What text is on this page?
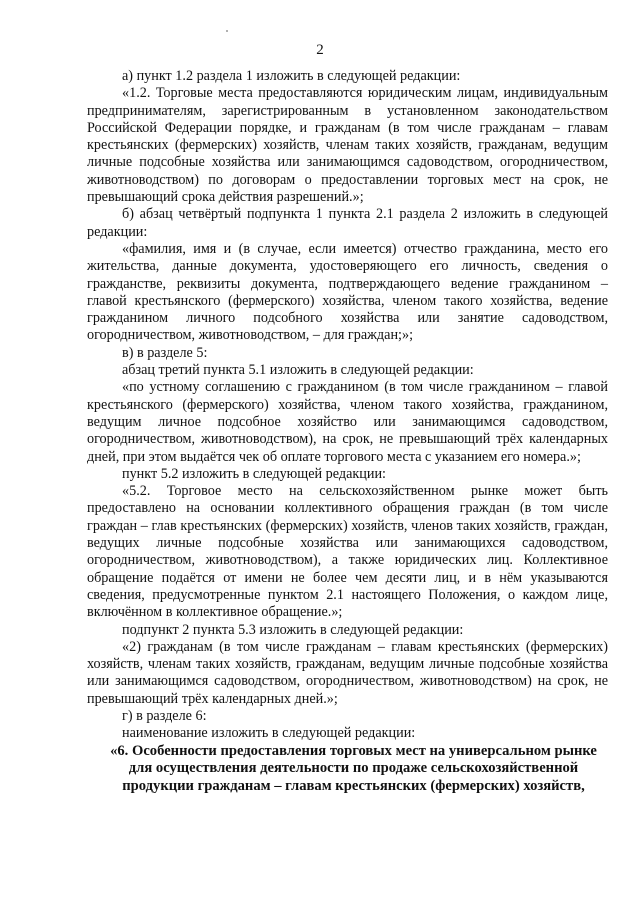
2

а) пункт 1.2 раздела 1 изложить в следующей редакции:

«1.2. Торговые места предоставляются юридическим лицам, индивидуальным предпринимателям, зарегистрированным в установленном законодательством Российской Федерации порядке, и гражданам (в том числе гражданам – главам крестьянских (фермерских) хозяйств, членам таких хозяйств, гражданам, ведущим личные подсобные хозяйства или занимающимся садоводством, огородничеством, животноводством) по договорам о предоставлении торговых мест на срок, не превышающий срока действия разрешений.»;

б) абзац четвёртый подпункта 1 пункта 2.1 раздела 2 изложить в следующей редакции:

«фамилия, имя и (в случае, если имеется) отчество гражданина, место его жительства, данные документа, удостоверяющего его личность, сведения о гражданстве, реквизиты документа, подтверждающего ведение гражданином – главой крестьянского (фермерского) хозяйства, членом такого хозяйства, ведение гражданином личного подсобного хозяйства или занятие садоводством, огородничеством, животноводством, – для граждан;»;

в) в разделе 5:

абзац третий пункта 5.1 изложить в следующей редакции:

«по устному соглашению с гражданином (в том числе гражданином – главой крестьянского (фермерского) хозяйства, членом такого хозяйства, гражданином, ведущим личное подсобное хозяйство или занимающимся садоводством, огородничеством, животноводством), на срок, не превышающий трёх календарных дней, при этом выдаётся чек об оплате торгового места с указанием его номера.»;

пункт 5.2 изложить в следующей редакции:

«5.2. Торговое место на сельскохозяйственном рынке может быть предоставлено на основании коллективного обращения граждан (в том числе граждан – глав крестьянских (фермерских) хозяйств, членов таких хозяйств, граждан, ведущих личные подсобные хозяйства или занимающихся садоводством, огородничеством, животноводством), а также юридических лиц. Коллективное обращение подаётся от имени не более чем десяти лиц, и в нём указываются сведения, предусмотренные пунктом 2.1 настоящего Положения, о каждом лице, включённом в коллективное обращение.»;

подпункт 2 пункта 5.3 изложить в следующей редакции:

«2) гражданам (в том числе гражданам – главам крестьянских (фермерских) хозяйств, членам таких хозяйств, гражданам, ведущим личные подсобные хозяйства или занимающимся садоводством, огородничеством, животноводством) на срок, не превышающий трёх календарных дней.»;

г) в разделе 6:

наименование изложить в следующей редакции:

«6. Особенности предоставления торговых мест на универсальном рынке для осуществления деятельности по продаже сельскохозяйственной продукции гражданам – главам крестьянских (фермерских) хозяйств,
